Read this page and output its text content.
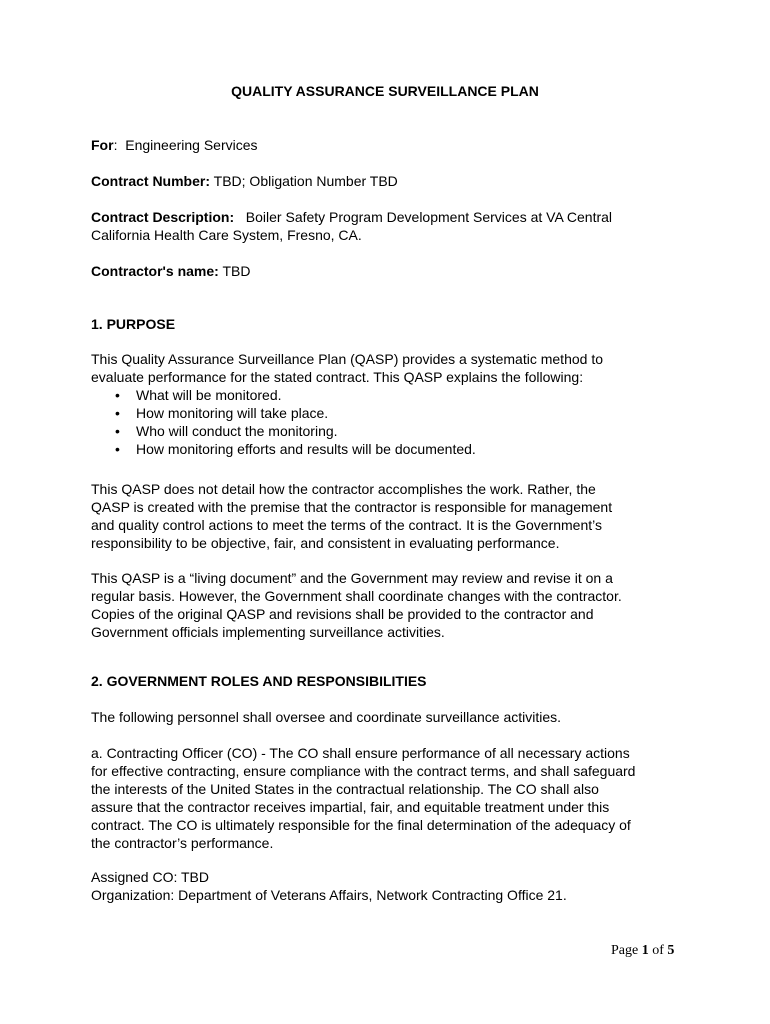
QUALITY ASSURANCE SURVEILLANCE PLAN
For:  Engineering Services
Contract Number: TBD; Obligation Number TBD
Contract Description: Boiler Safety Program Development Services at VA Central
California Health Care System, Fresno, CA.
Contractor's name: TBD
1. PURPOSE
This Quality Assurance Surveillance Plan (QASP) provides a systematic method to
evaluate performance for the stated contract. This QASP explains the following:
• What will be monitored.
• How monitoring will take place.
• Who will conduct the monitoring.
• How monitoring efforts and results will be documented.
This QASP does not detail how the contractor accomplishes the work. Rather, the
QASP is created with the premise that the contractor is responsible for management
and quality control actions to meet the terms of the contract. It is the Government’s
responsibility to be objective, fair, and consistent in evaluating performance.
This QASP is a “living document” and the Government may review and revise it on a
regular basis. However, the Government shall coordinate changes with the contractor.
Copies of the original QASP and revisions shall be provided to the contractor and
Government officials implementing surveillance activities.
2. GOVERNMENT ROLES AND RESPONSIBILITIES
The following personnel shall oversee and coordinate surveillance activities.
a. Contracting Officer (CO) - The CO shall ensure performance of all necessary actions
for effective contracting, ensure compliance with the contract terms, and shall safeguard
the interests of the United States in the contractual relationship. The CO shall also
assure that the contractor receives impartial, fair, and equitable treatment under this
contract. The CO is ultimately responsible for the final determination of the adequacy of
the contractor’s performance.
Assigned CO: TBD
Organization: Department of Veterans Affairs, Network Contracting Office 21.
Page 1 of 5
